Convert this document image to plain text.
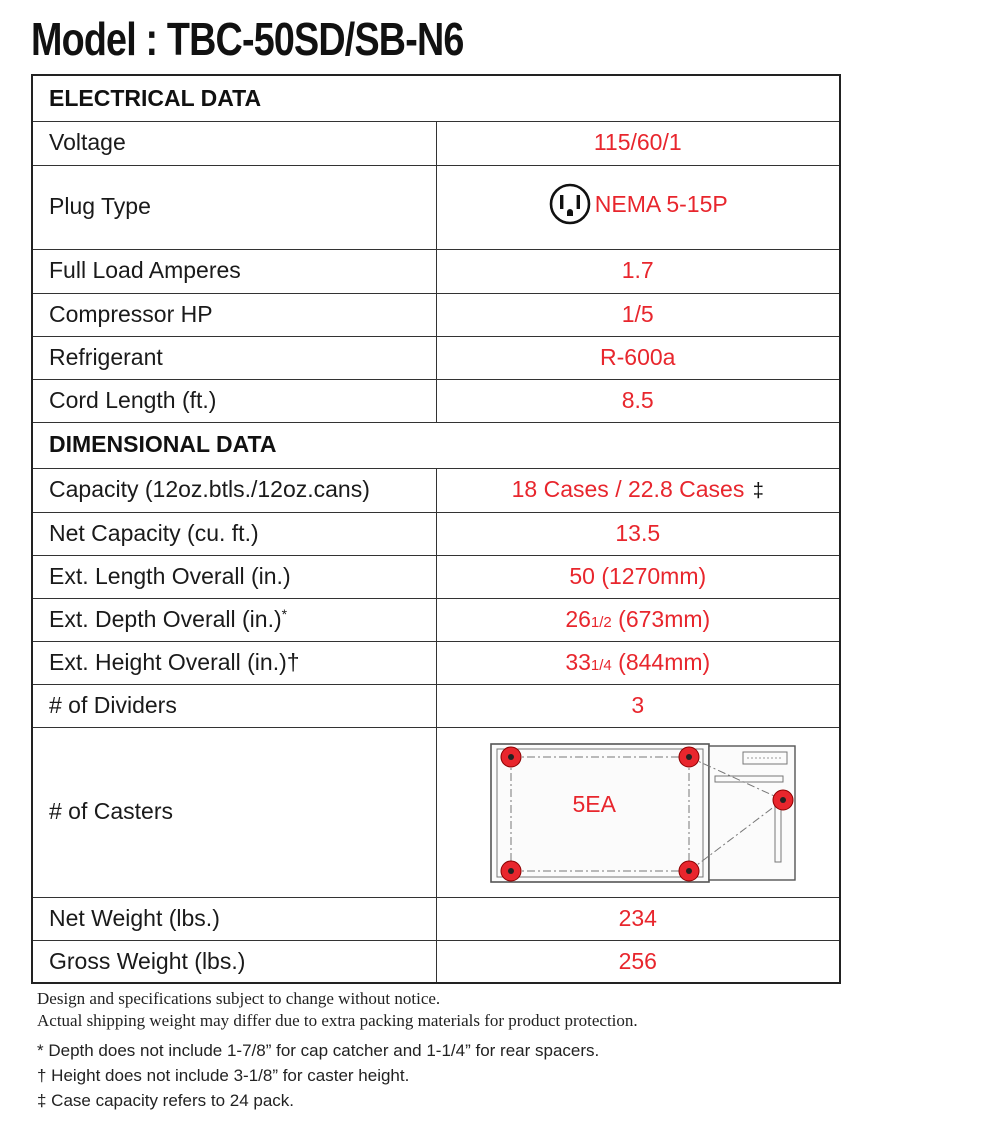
Model : TBC-50SD/SB-N6
ELECTRICAL DATA	
Voltage	115/60/1
Plug Type	NEMA 5-15P

Full Load Amperes	1.7
Compressor HP	1/5
Refrigerant	R-600a
Cord Length (ft.)	8.5
DIMENSIONAL DATA	
Capacity (12oz.btls./12oz.cans)	18 Cases / 22.8 Cases ‡
Net Capacity (cu. ft.)	13.5
Ext. Length Overall (in.)	50 (1270mm)
Ext. Depth Overall (in.)*	261/2 (673mm)
Ext. Height Overall (in.)†	331/4 (844mm)
# of Dividers	3
# of Casters	5EA

Net Weight (lbs.)	234
Gross Weight (lbs.)	256

Design and specifications subject to change without notice.

Actual shipping weight may differ due to extra packing materials for product protection.

* Depth does not include 1-7/8” for cap catcher and 1-1/4” for rear spacers.

† Height does not include 3-1/8” for caster height.

‡ Case capacity refers to 24 pack.
